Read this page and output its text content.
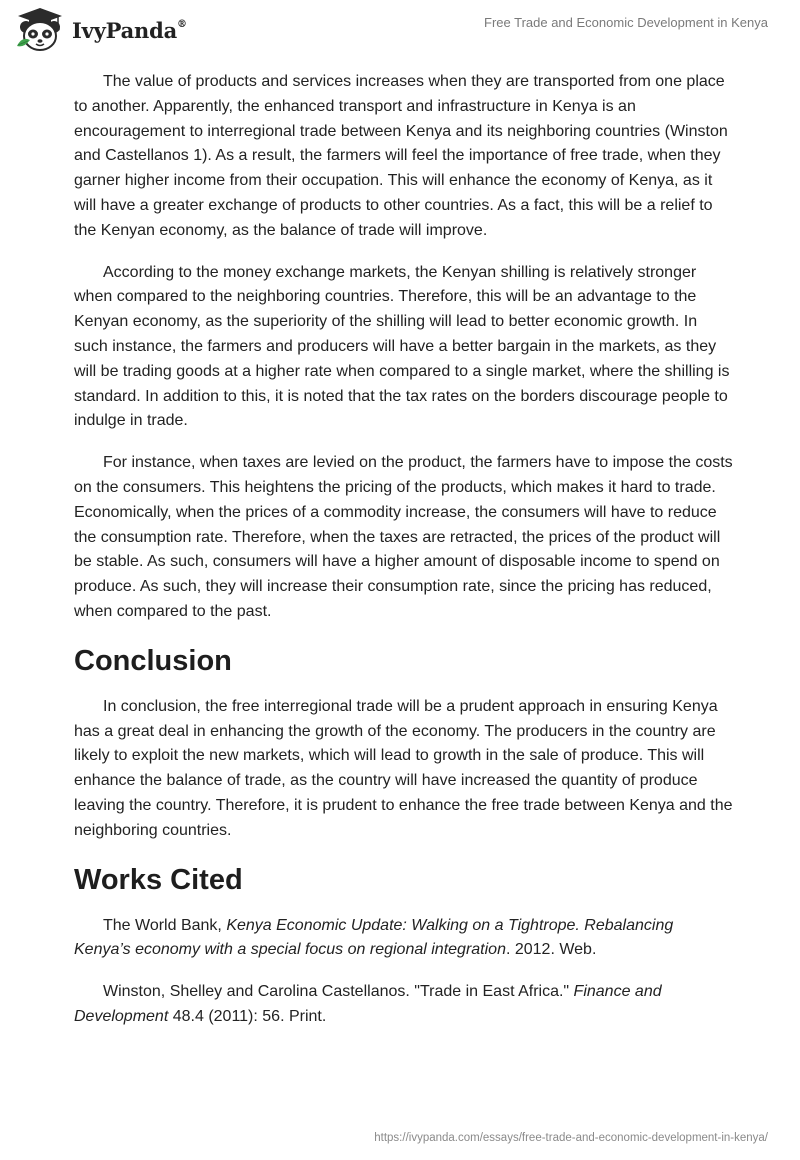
IvyPanda®	Free Trade and Economic Development in Kenya

The value of products and services increases when they are transported from one place to another. Apparently, the enhanced transport and infrastructure in Kenya is an encouragement to interregional trade between Kenya and its neighboring countries (Winston and Castellanos 1). As a result, the farmers will feel the importance of free trade, when they garner higher income from their occupation. This will enhance the economy of Kenya, as it will have a greater exchange of products to other countries. As a fact, this will be a relief to the Kenyan economy, as the balance of trade will improve.

According to the money exchange markets, the Kenyan shilling is relatively stronger when compared to the neighboring countries. Therefore, this will be an advantage to the Kenyan economy, as the superiority of the shilling will lead to better economic growth. In such instance, the farmers and producers will have a better bargain in the markets, as they will be trading goods at a higher rate when compared to a single market, where the shilling is standard. In addition to this, it is noted that the tax rates on the borders discourage people to indulge in trade.

For instance, when taxes are levied on the product, the farmers have to impose the costs on the consumers. This heightens the pricing of the products, which makes it hard to trade. Economically, when the prices of a commodity increase, the consumers will have to reduce the consumption rate. Therefore, when the taxes are retracted, the prices of the product will be stable. As such, consumers will have a higher amount of disposable income to spend on produce. As such, they will increase their consumption rate, since the pricing has reduced, when compared to the past.

Conclusion

In conclusion, the free interregional trade will be a prudent approach in ensuring Kenya has a great deal in enhancing the growth of the economy. The producers in the country are likely to exploit the new markets, which will lead to growth in the sale of produce. This will enhance the balance of trade, as the country will have increased the quantity of produce leaving the country. Therefore, it is prudent to enhance the free trade between Kenya and the neighboring countries.

Works Cited

The World Bank, Kenya Economic Update: Walking on a Tightrope. Rebalancing Kenya’s economy with a special focus on regional integration. 2012. Web.

Winston, Shelley and Carolina Castellanos. "Trade in East Africa." Finance and Development 48.4 (2011): 56. Print.

https://ivypanda.com/essays/free-trade-and-economic-development-in-kenya/
